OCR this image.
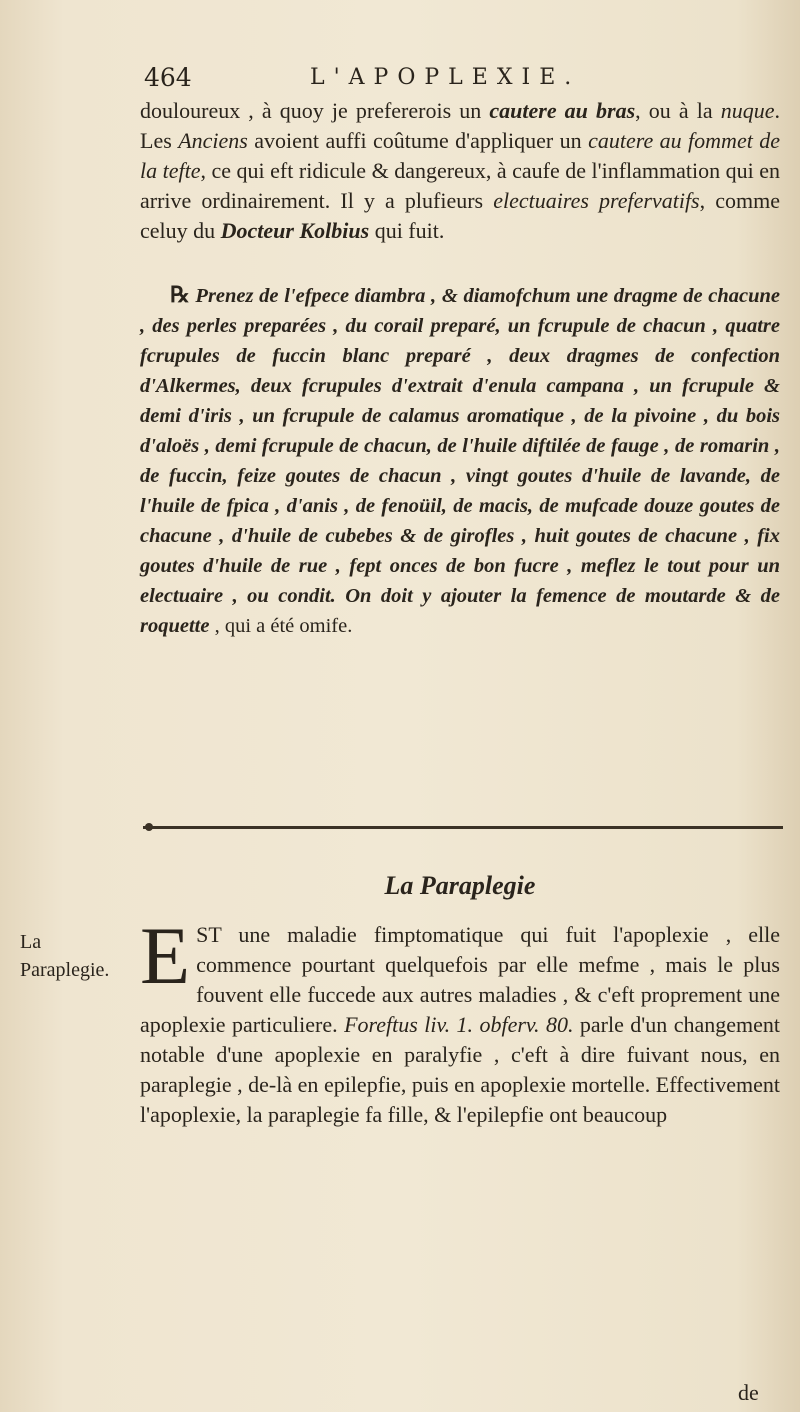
464	L'APOPLEXIE.
douloureux , à quoy je prefererois un cautere au bras, ou à la nuque. Les Anciens avoient auffi coûtume d'appliquer un cautere au fommet de la tefte, ce qui eft ridicule & dangereux, à caufe de l'inflammation qui en arrive ordinairement. Il y a plufieurs electuaires prefervatifs, comme celuy du Docteur Kolbius qui fuit.
℞ Prenez de l'efpece diambra , & diamofchum une dragme de chacune , des perles preparées , du corail preparé, un fcrupule de chacun , quatre fcrupules de fuccin blanc preparé , deux dragmes de confection d'Alkermes, deux fcrupules d'extrait d'enula campana , un fcrupule & demi d'iris , un fcrupule de calamus aromatique , de la pivoine , du bois d'aloës , demi fcrupule de chacun, de l'huile diftilée de fauge , de romarin , de fuccin, feize goutes de chacun , vingt goutes d'huile de lavande, de l'huile de fpica , d'anis , de fenoüil, de macis, de mufcade douze goutes de chacune , d'huile de cubebes & de girofles , huit goutes de chacune , fix goutes d'huile de rue , fept onces de bon fucre , meflez le tout pour un electuaire , ou condit. On doit y ajouter la femence de moutarde & de roquette , qui a été omife.
La Paraplegie
La Paraplegie. EST une maladie fimptomatique qui fuit l'apoplexie , elle commence pourtant quelquefois par elle mefme , mais le plus fouvent elle fuccede aux autres maladies , & c'eft proprement une apoplexie particuliere. Foreftus liv. 1. obferv. 80. parle d'un changement notable d'une apoplexie en paralyfie , c'eft à dire fuivant nous, en paraplegie , de-là en epilepfie, puis en apoplexie mortelle. Effectivement l'apoplexie, la paraplegie fa fille, & l'epilepfie ont beaucoup
de
